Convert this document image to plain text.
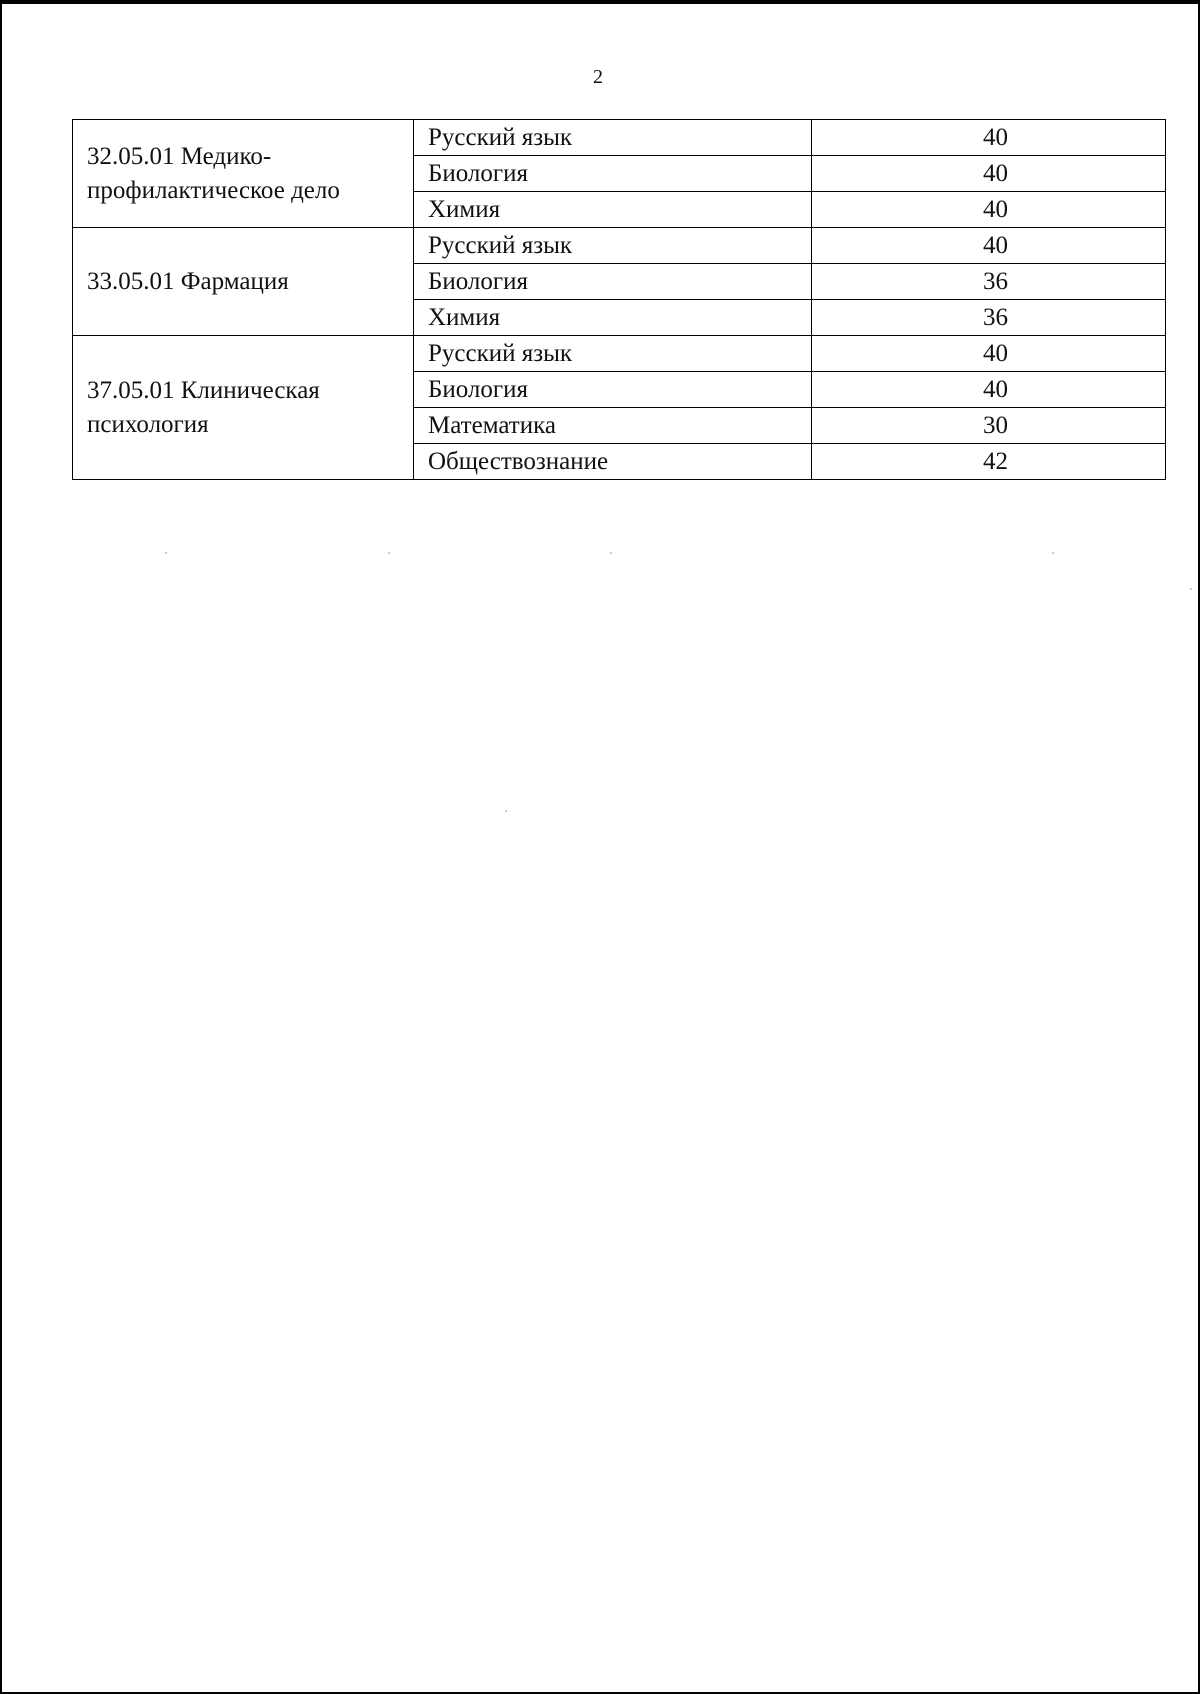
2
32.05.01 Медико-профилактическое дело	Русский язык	40
	Биология	40
	Химия	40
33.05.01 Фармация	Русский язык	40
	Биология	36
	Химия	36
37.05.01 Клиническая психология	Русский язык	40
	Биология	40
	Математика	30
	Обществознание	42
